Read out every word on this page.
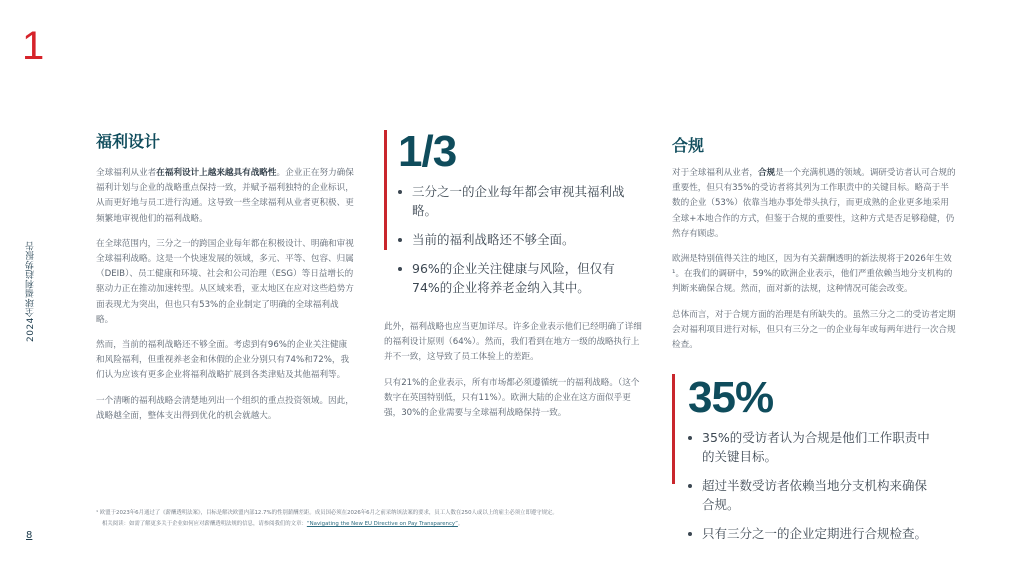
1
2024全球福利趋势报告
8
福利设计

全球福利从业者在福利设计上越来越具有战略性。企业正在努力确保福利计划与企业的战略重点保持一致，并赋予福利独特的企业标识，从而更好地与员工进行沟通。这导致一些全球福利从业者更积极、更频繁地审视他们的福利战略。

在全球范围内，三分之一的跨国企业每年都在积极设计、明确和审视全球福利战略。这是一个快速发展的领域，多元、平等、包容、归属（DEIB）、员工健康和环境、社会和公司治理（ESG）等日益增长的驱动力正在推动加速转型。从区域来看，亚太地区在应对这些趋势方面表现尤为突出，但也只有53%的企业制定了明确的全球福利战略。

然而，当前的福利战略还不够全面。考虑到有96%的企业关注健康和风险福利，但重视养老金和休假的企业分别只有74%和72%，我们认为应该有更多企业将福利战略扩展到各类津贴及其他福利等。

一个清晰的福利战略会清楚地列出一个组织的重点投资领域。因此，战略越全面，整体支出得到优化的机会就越大。

1/3
三分之一的企业每年都会审视其福利战略。
当前的福利战略还不够全面。
96%的企业关注健康与风险，但仅有74%的企业将养老金纳入其中。

此外，福利战略也应当更加详尽。许多企业表示他们已经明确了详细的福利设计原则（64%）。然而，我们看到在地方一级的战略执行上并不一致，这导致了员工体验上的差距。

只有21%的企业表示，所有市场都必须遵循统一的福利战略。（这个数字在英国特别低，只有11%）。欧洲大陆的企业在这方面似乎更强，30%的企业需要与全球福利战略保持一致。

合规

对于全球福利从业者，合规是一个充满机遇的领域。调研受访者认可合规的重要性，但只有35%的受访者将其列为工作职责中的关键目标。略高于半数的企业（53%）依靠当地办事处带头执行，而更成熟的企业更多地采用全球+本地合作的方式，但鉴于合规的重要性，这种方式是否足够稳健，仍然存有顾虑。

欧洲是特别值得关注的地区，因为有关薪酬透明的新法规将于2026年生效¹。在我们的调研中，59%的欧洲企业表示，他们严重依赖当地分支机构的判断来确保合规。然而，面对新的法规，这种情况可能会改变。

总体而言，对于合规方面的治理是有所缺失的。虽然三分之二的受访者定期会对福利项目进行对标，但只有三分之一的企业每年或每两年进行一次合规检查。

35%
35%的受访者认为合规是他们工作职责中的关键目标。
超过半数受访者依赖当地分支机构来确保合规。
只有三分之一的企业定期进行合规检查。
¹ 欧盟于2023年6月通过了《薪酬透明法案》，目标是解决欧盟内部12.7%的性别薪酬差距。成员国必须在2026年6月之前采纳该法案的要求，员工人数在250人或以上的雇主必须立即遵守规定。
相关阅读：如需了解更多关于企业如何应对薪酬透明法规的信息，请参阅我们的文章：“Navigating the New EU Directive on Pay Transparency”。
